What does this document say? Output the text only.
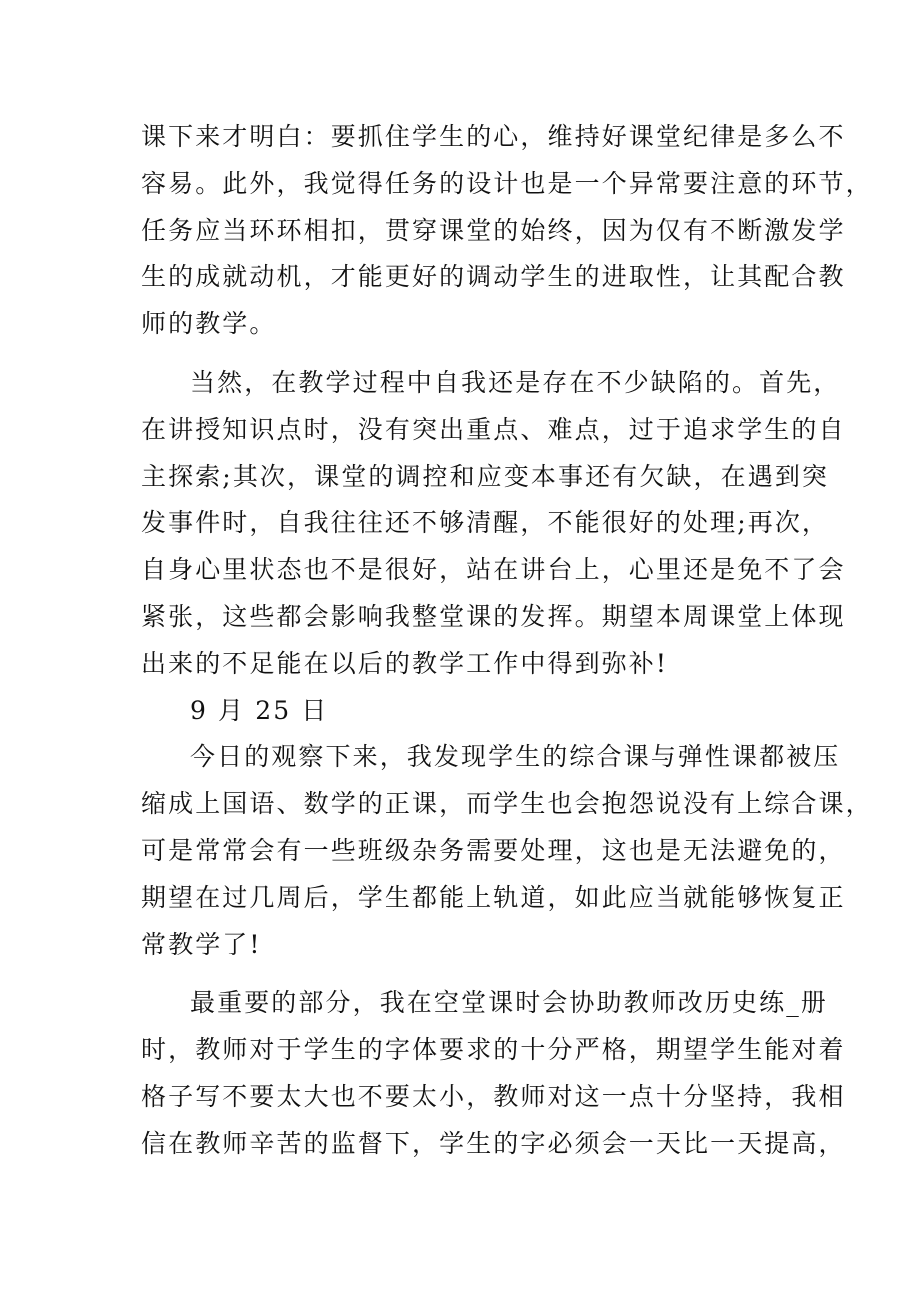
课下来才明白：要抓住学生的心，维持好课堂纪律是多么不
容易。此外，我觉得任务的设计也是一个异常要注意的环节，
任务应当环环相扣，贯穿课堂的始终，因为仅有不断激发学
生的成就动机，才能更好的调动学生的进取性，让其配合教
师的教学。
当然，在教学过程中自我还是存在不少缺陷的。首先，
在讲授知识点时，没有突出重点、难点，过于追求学生的自
主探索;其次，课堂的调控和应变本事还有欠缺，在遇到突
发事件时，自我往往还不够清醒，不能很好的处理;再次，
自身心里状态也不是很好，站在讲台上，心里还是免不了会
紧张，这些都会影响我整堂课的发挥。期望本周课堂上体现
出来的不足能在以后的教学工作中得到弥补!
9 月 25 日
今日的观察下来，我发现学生的综合课与弹性课都被压
缩成上国语、数学的正课，而学生也会抱怨说没有上综合课，
可是常常会有一些班级杂务需要处理，这也是无法避免的，
期望在过几周后，学生都能上轨道，如此应当就能够恢复正
常教学了!
最重要的部分，我在空堂课时会协助教师改历史练_册
时，教师对于学生的字体要求的十分严格，期望学生能对着
格子写不要太大也不要太小，教师对这一点十分坚持，我相
信在教师辛苦的监督下，学生的字必须会一天比一天提高，
